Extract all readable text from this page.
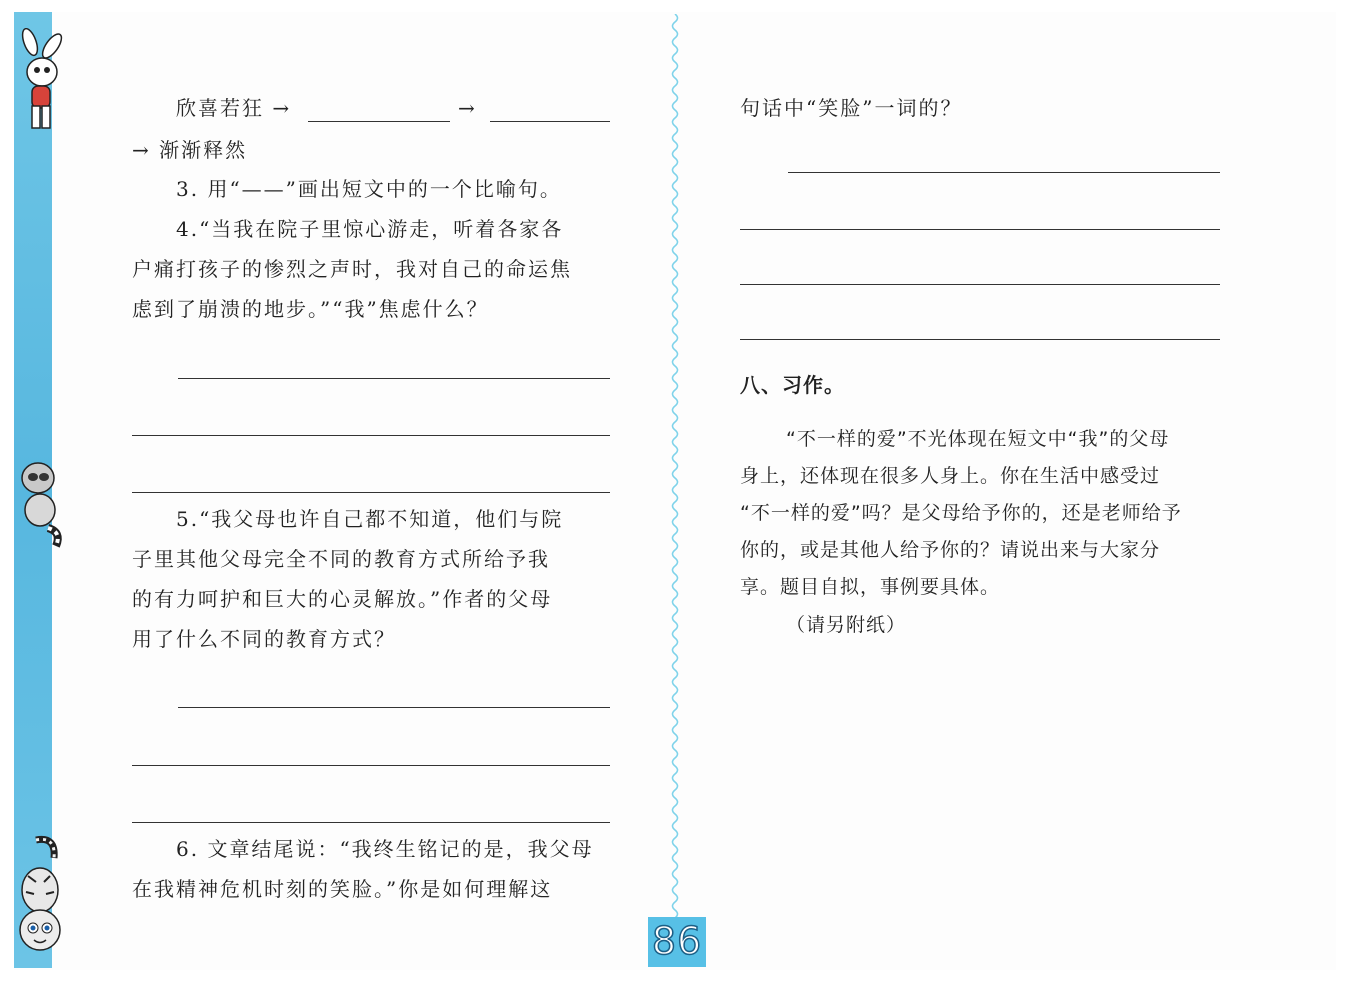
欣喜若狂 →	→
→ 渐渐释然
3. 用“——”画出短文中的一个比喻句。
4.“当我在院子里惊心游走，听着各家各
户痛打孩子的惨烈之声时，我对自己的命运焦
虑到了崩溃的地步。”“我”焦虑什么？
5.“我父母也许自己都不知道，他们与院
子里其他父母完全不同的教育方式所给予我
的有力呵护和巨大的心灵解放。”作者的父母
用了什么不同的教育方式？
6. 文章结尾说：“我终生铭记的是，我父母
在我精神危机时刻的笑脸。”你是如何理解这
86
句话中“笑脸”一词的？
八、习作。
“不一样的爱”不光体现在短文中“我”的父母
身上，还体现在很多人身上。你在生活中感受过
“不一样的爱”吗？是父母给予你的，还是老师给予
你的，或是其他人给予你的？请说出来与大家分
享。题目自拟，事例要具体。
（请另附纸）
